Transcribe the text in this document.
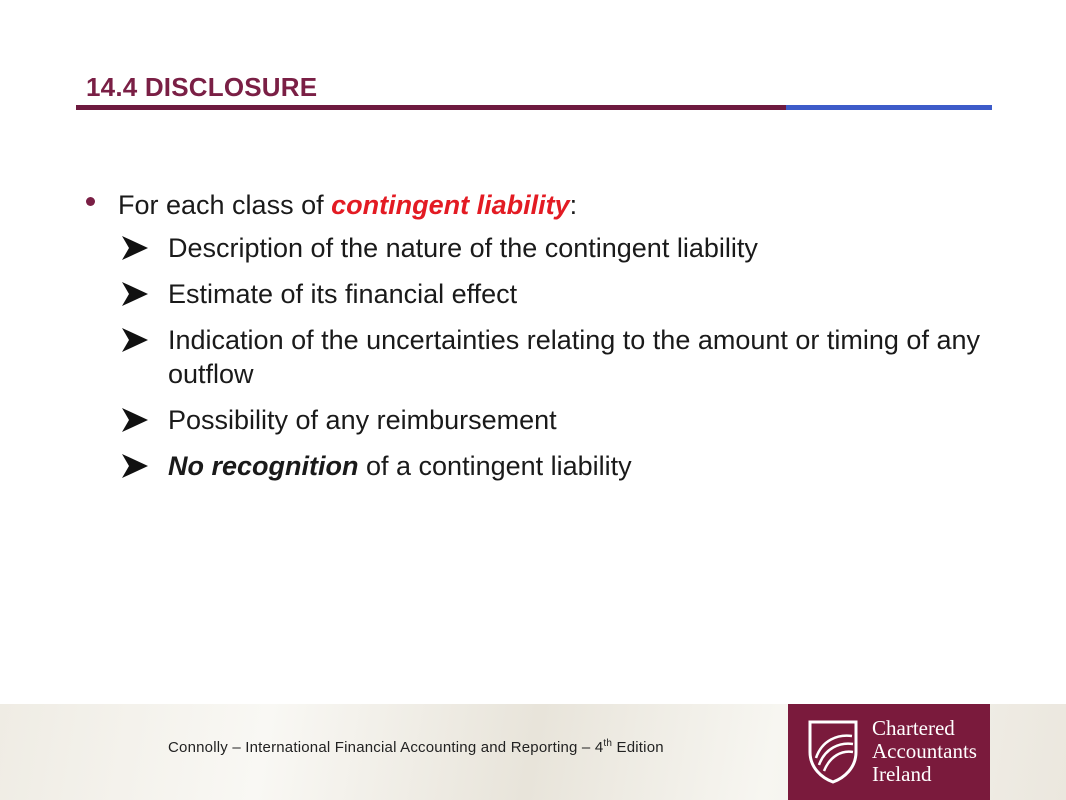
14.4 DISCLOSURE
For each class of contingent liability:
Description of the nature of the contingent liability
Estimate of its financial effect
Indication of the uncertainties relating to the amount or timing of any outflow
Possibility of any reimbursement
No recognition of a contingent liability
Connolly – International Financial Accounting and Reporting – 4th Edition
Chartered
Accountants
Ireland
